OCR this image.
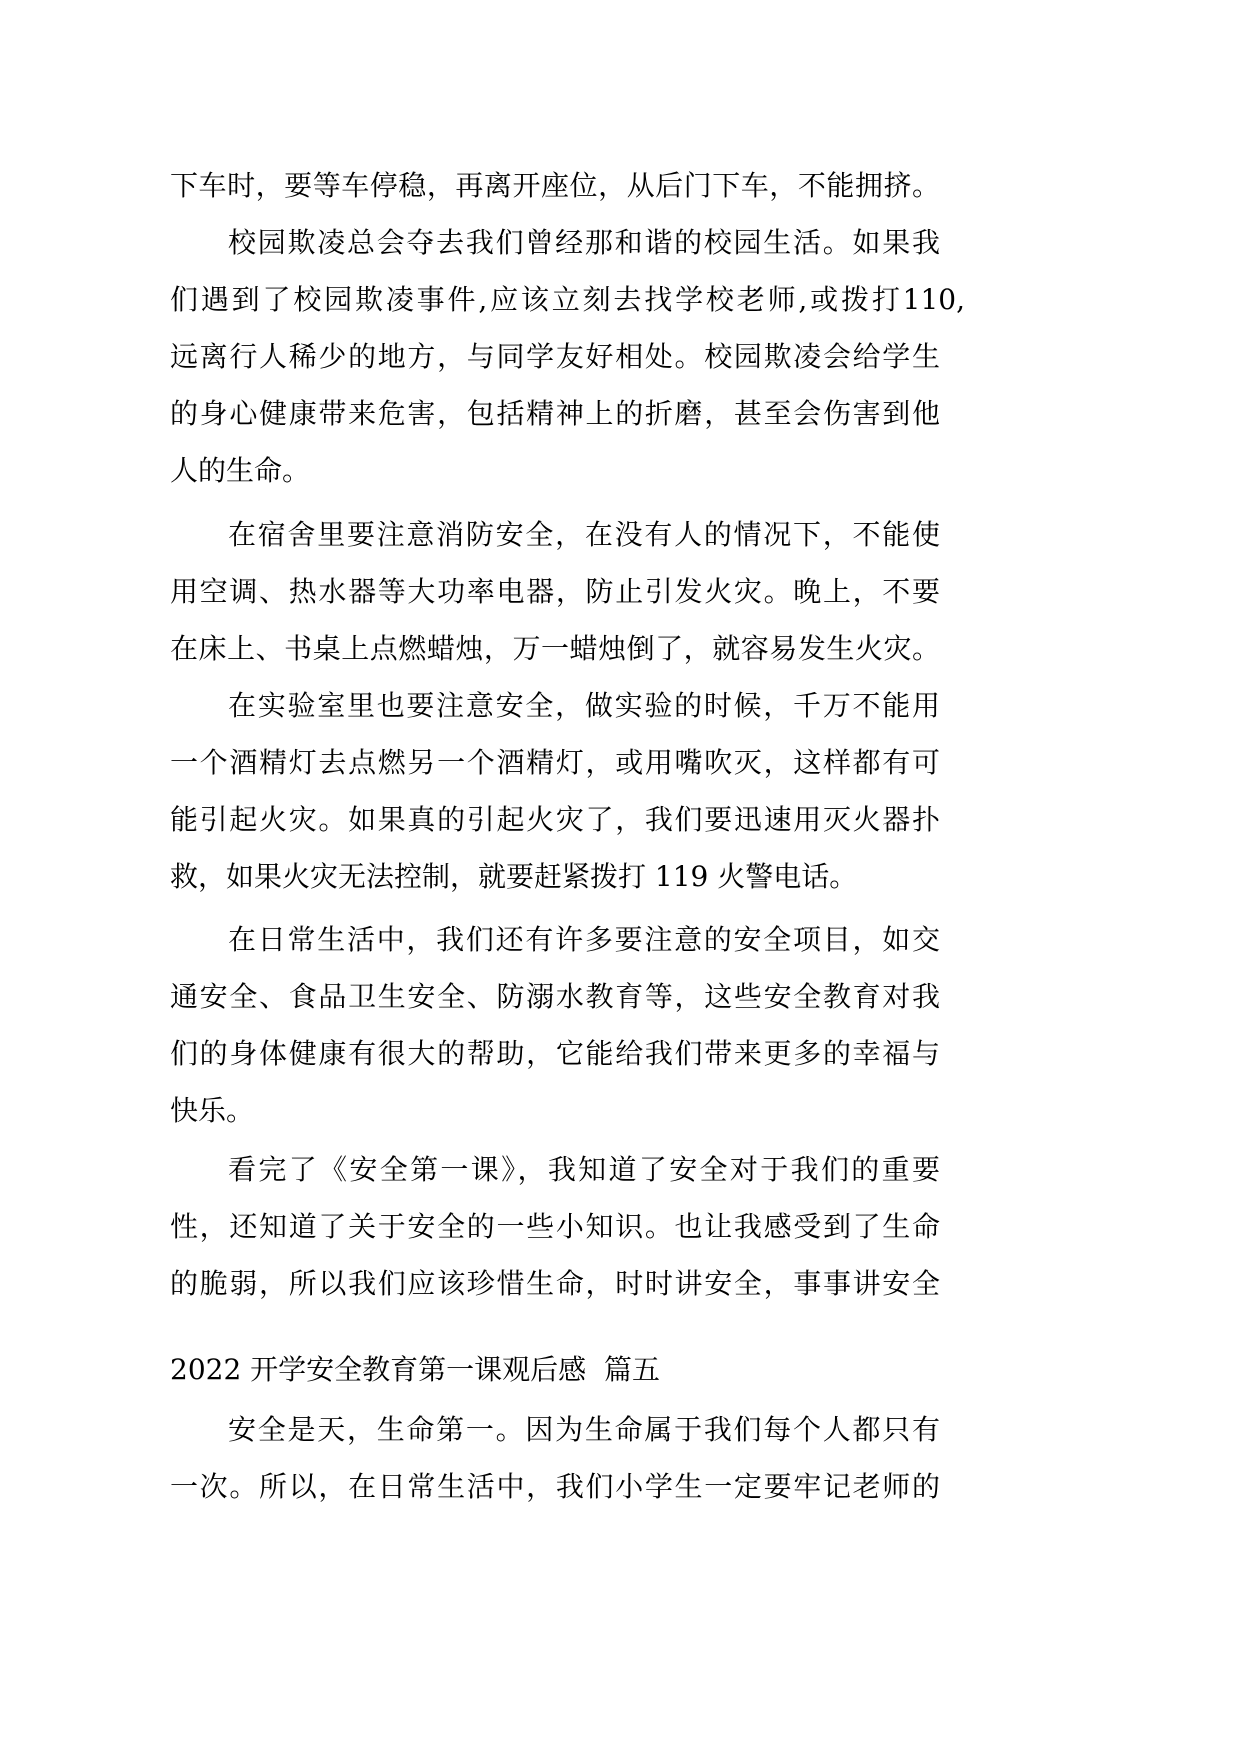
下车时，要等车停稳，再离开座位，从后门下车，不能拥挤。
校园欺凌总会夺去我们曾经那和谐的校园生活。如果我
们遇到了校园欺凌事件,应该立刻去找学校老师,或拨打110,
远离行人稀少的地方，与同学友好相处。校园欺凌会给学生
的身心健康带来危害，包括精神上的折磨，甚至会伤害到他
人的生命。
在宿舍里要注意消防安全，在没有人的情况下，不能使
用空调、热水器等大功率电器，防止引发火灾。晚上，不要
在床上、书桌上点燃蜡烛，万一蜡烛倒了，就容易发生火灾。
在实验室里也要注意安全，做实验的时候，千万不能用
一个酒精灯去点燃另一个酒精灯，或用嘴吹灭，这样都有可
能引起火灾。如果真的引起火灾了，我们要迅速用灭火器扑
救，如果火灾无法控制，就要赶紧拨打 119 火警电话。
在日常生活中，我们还有许多要注意的安全项目，如交
通安全、食品卫生安全、防溺水教育等，这些安全教育对我
们的身体健康有很大的帮助，它能给我们带来更多的幸福与
快乐。
看完了《安全第一课》，我知道了安全对于我们的重要
性，还知道了关于安全的一些小知识。也让我感受到了生命
的脆弱，所以我们应该珍惜生命，时时讲安全，事事讲安全
2022 开学安全教育第一课观后感  篇五
安全是天，生命第一。因为生命属于我们每个人都只有
一次。所以，在日常生活中，我们小学生一定要牢记老师的
